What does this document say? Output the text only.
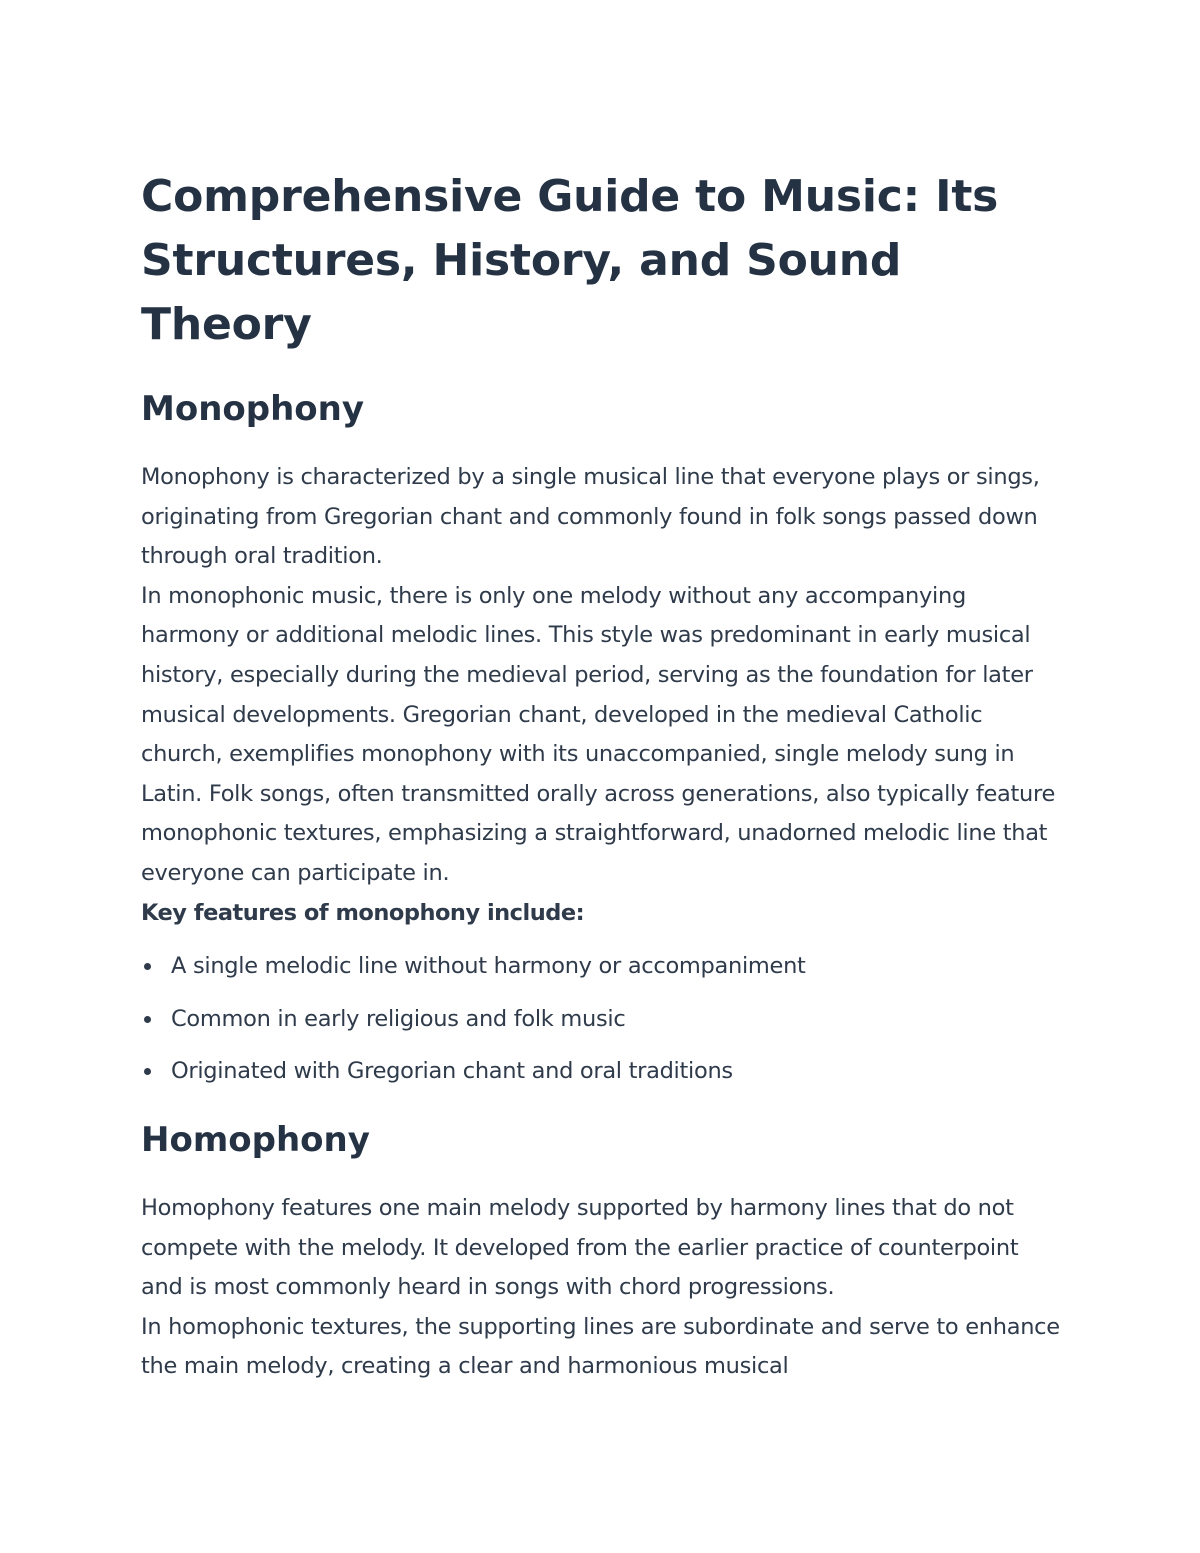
Comprehensive Guide to Music: Its Structures, History, and Sound Theory
Monophony

Monophony is characterized by a single musical line that everyone plays or sings, originating from Gregorian chant and commonly found in folk songs passed down through oral tradition.

In monophonic music, there is only one melody without any accompanying harmony or additional melodic lines. This style was predominant in early musical history, especially during the medieval period, serving as the foundation for later musical developments. Gregorian chant, developed in the medieval Catholic church, exemplifies monophony with its unaccompanied, single melody sung in Latin. Folk songs, often transmitted orally across generations, also typically feature monophonic textures, emphasizing a straightforward, unadorned melodic line that everyone can participate in.

Key features of monophony include:

A single melodic line without harmony or accompaniment
Common in early religious and folk music
Originated with Gregorian chant and oral traditions
Homophony

Homophony features one main melody supported by harmony lines that do not compete with the melody. It developed from the earlier practice of counterpoint and is most commonly heard in songs with chord progressions.

In homophonic textures, the supporting lines are subordinate and serve to enhance the main melody, creating a clear and harmonious musical
